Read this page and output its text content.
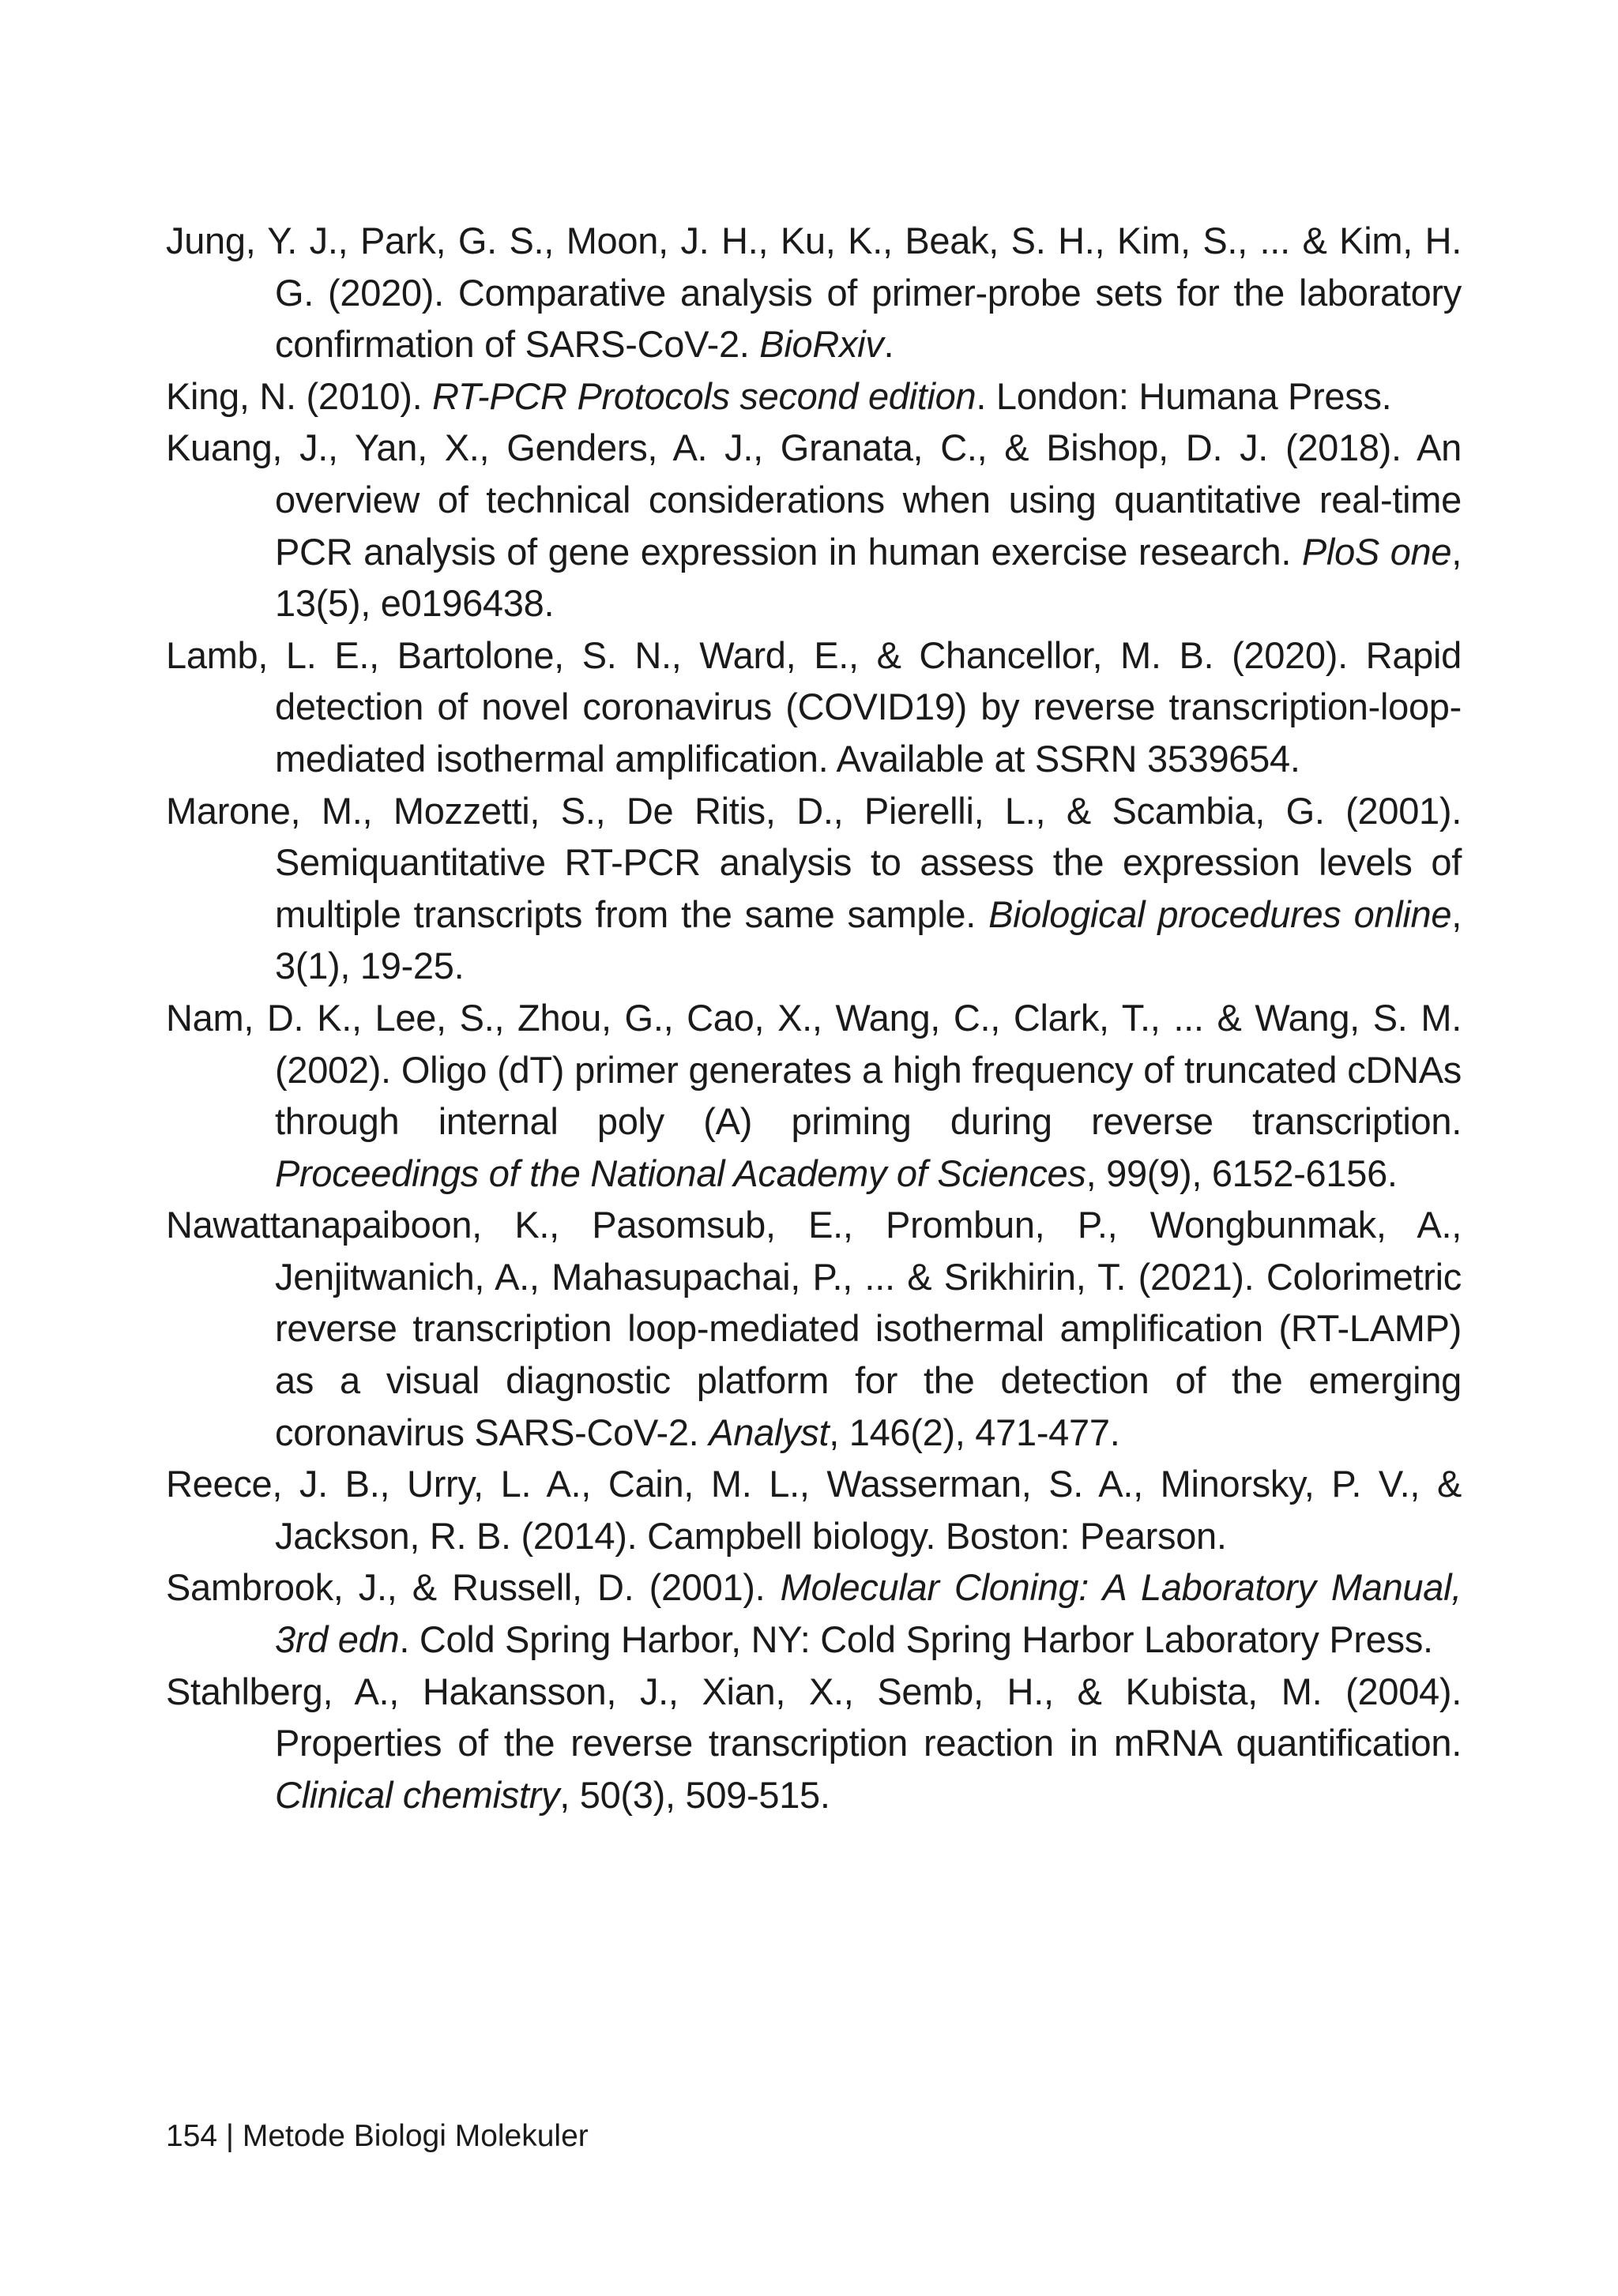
Jung, Y. J., Park, G. S., Moon, J. H., Ku, K., Beak, S. H., Kim, S., ... & Kim, H. G. (2020). Comparative analysis of primer-probe sets for the laboratory confirmation of SARS-CoV-2. BioRxiv.

King, N. (2010). RT-PCR Protocols second edition. London: Humana Press.

Kuang, J., Yan, X., Genders, A. J., Granata, C., & Bishop, D. J. (2018). An overview of technical considerations when using quantitative real-time PCR analysis of gene expression in human exercise research. PloS one, 13(5), e0196438.

Lamb, L. E., Bartolone, S. N., Ward, E., & Chancellor, M. B. (2020). Rapid detection of novel coronavirus (COVID19) by reverse transcription-loop-mediated isothermal amplification. Available at SSRN 3539654.

Marone, M., Mozzetti, S., De Ritis, D., Pierelli, L., & Scambia, G. (2001). Semiquantitative RT-PCR analysis to assess the expression levels of multiple transcripts from the same sample. Biological procedures online, 3(1), 19-25.

Nam, D. K., Lee, S., Zhou, G., Cao, X., Wang, C., Clark, T., ... & Wang, S. M. (2002). Oligo (dT) primer generates a high frequency of truncated cDNAs through internal poly (A) priming during reverse transcription. Proceedings of the National Academy of Sciences, 99(9), 6152-6156.

Nawattanapaiboon, K., Pasomsub, E., Prombun, P., Wongbunmak, A., Jenjitwanich, A., Mahasupachai, P., ... & Srikhirin, T. (2021). Colorimetric reverse transcription loop-mediated isothermal amplification (RT-LAMP) as a visual diagnostic platform for the detection of the emerging coronavirus SARS-CoV-2. Analyst, 146(2), 471-477.

Reece, J. B., Urry, L. A., Cain, M. L., Wasserman, S. A., Minorsky, P. V., & Jackson, R. B. (2014). Campbell biology. Boston: Pearson.

Sambrook, J., & Russell, D. (2001). Molecular Cloning: A Laboratory Manual, 3rd edn. Cold Spring Harbor, NY: Cold Spring Harbor Laboratory Press.

Stahlberg, A., Hakansson, J., Xian, X., Semb, H., & Kubista, M. (2004). Properties of the reverse transcription reaction in mRNA quantification. Clinical chemistry, 50(3), 509-515.

154 | Metode Biologi Molekuler
